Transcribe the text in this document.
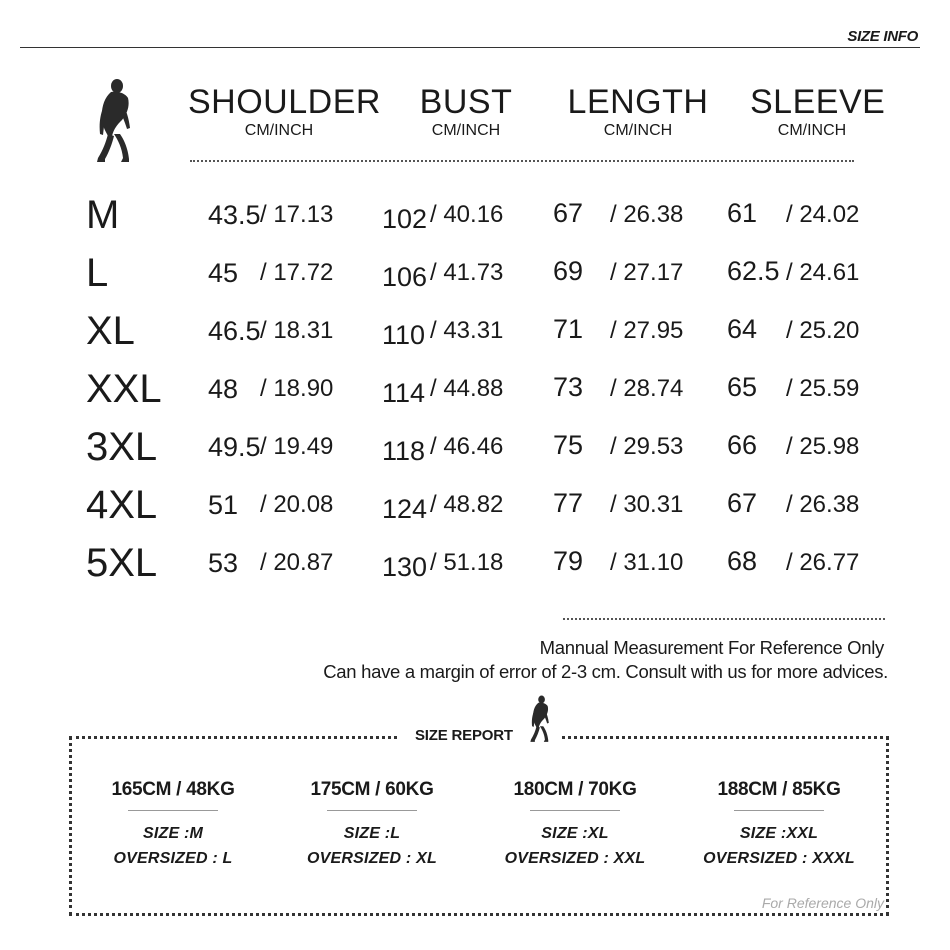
SIZE INFO
SHOULDER
CM/INCH
BUST
CM/INCH
LENGTH
CM/INCH
SLEEVE
CM/INCH
M	43.5 / 17.13 102 / 40.16 67 / 26.38 61 / 24.02
L	45 / 17.72 106 / 41.73 69 / 27.17 62.5 / 24.61
XL	46.5 / 18.31 110 / 43.31 71 / 27.95 64 / 25.20
XXL 48 / 18.90 114 / 44.88 73 / 28.74 65 / 25.59
3XL 49.5 / 19.49 118 / 46.46 75 / 29.53 66 / 25.98
4XL 51 / 20.08 124 / 48.82 77 / 30.31 67 / 26.38
5XL 53 / 20.87 130 / 51.18 79 / 31.10 68 / 26.77
Mannual Measurement For Reference Only
Can have a margin of error of 2-3 cm. Consult with us for more advices.
SIZE REPORT
165CM / 48KG
SIZE :M
OVERSIZED : L
175CM / 60KG
SIZE :L
OVERSIZED : XL
180CM / 70KG
SIZE :XL
OVERSIZED : XXL
188CM / 85KG
SIZE :XXL
OVERSIZED : XXXL
For Reference Only
